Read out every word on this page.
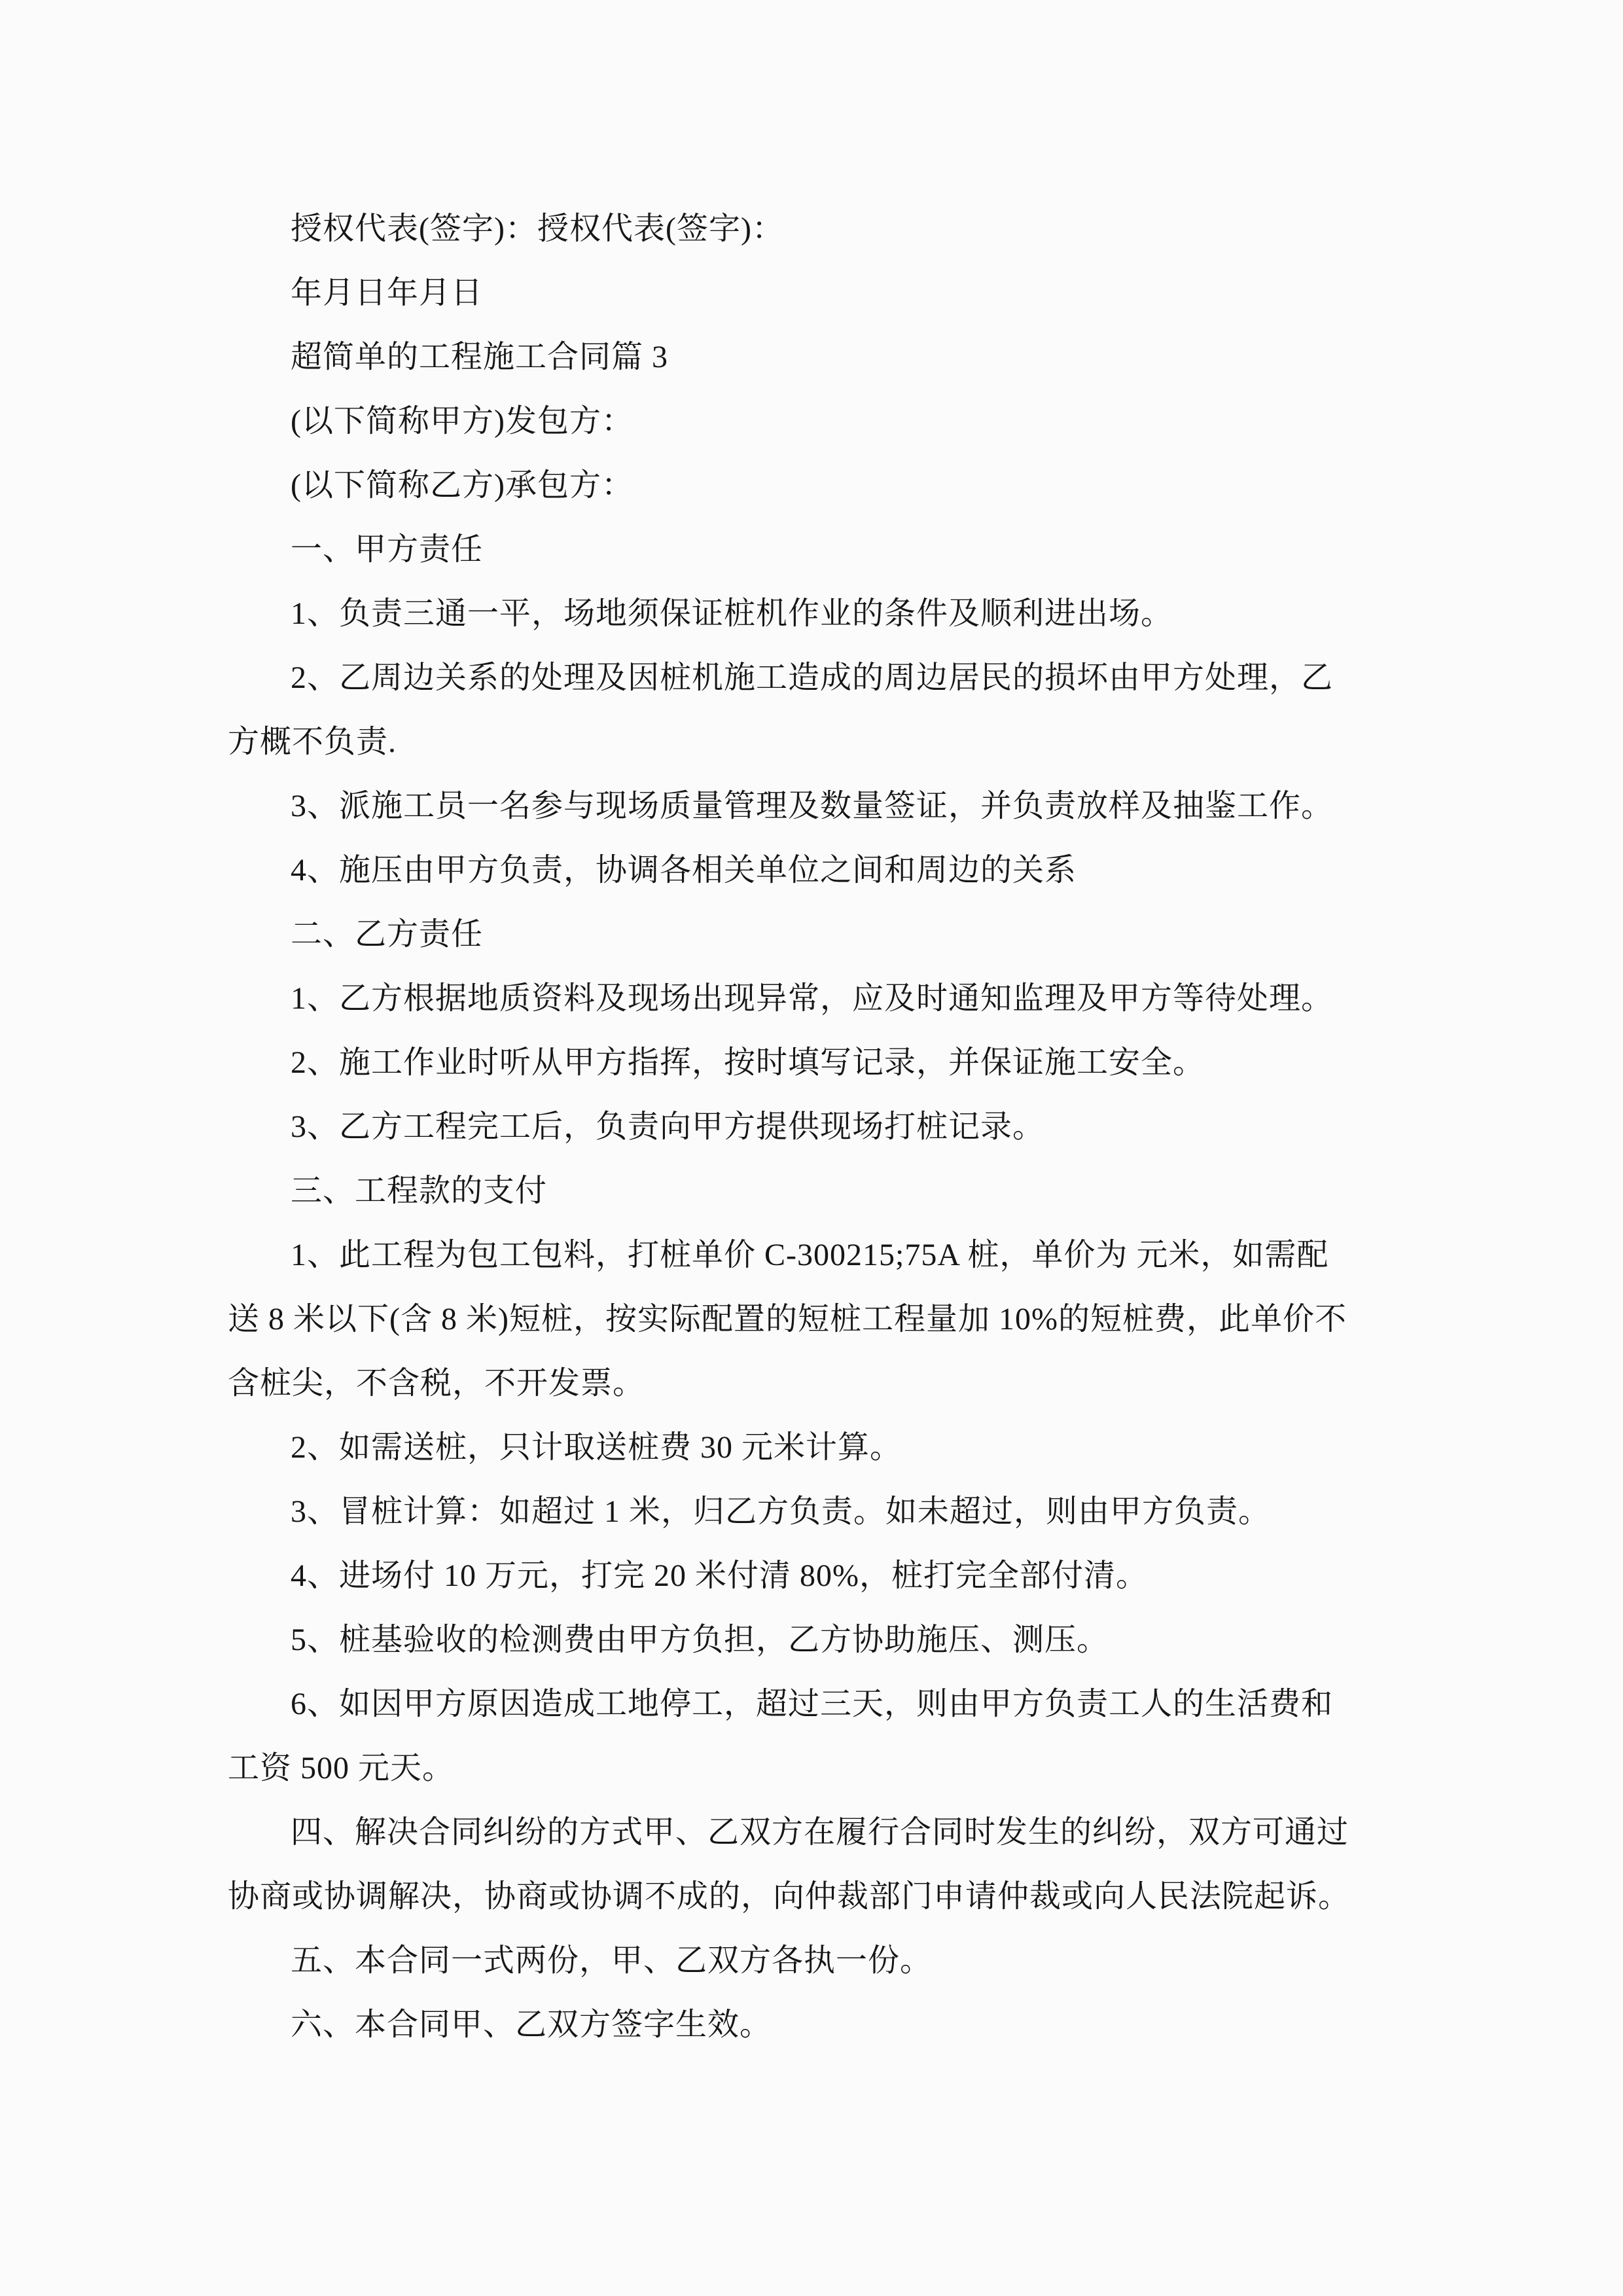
授权代表(签字)：授权代表(签字)：
年月日年月日
超简单的工程施工合同篇 3
(以下简称甲方)发包方：
(以下简称乙方)承包方：
一、甲方责任
1、负责三通一平，场地须保证桩机作业的条件及顺利进出场。
2、乙周边关系的处理及因桩机施工造成的周边居民的损坏由甲方处理，乙
方概不负责.
3、派施工员一名参与现场质量管理及数量签证，并负责放样及抽鉴工作。
4、施压由甲方负责，协调各相关单位之间和周边的关系
二、乙方责任
1、乙方根据地质资料及现场出现异常，应及时通知监理及甲方等待处理。
2、施工作业时听从甲方指挥，按时填写记录，并保证施工安全。
3、乙方工程完工后，负责向甲方提供现场打桩记录。
三、工程款的支付
1、此工程为包工包料，打桩单价 C-300215;75A 桩，单价为 元米，如需配
送 8 米以下(含 8 米)短桩，按实际配置的短桩工程量加 10%的短桩费，此单价不
含桩尖，不含税，不开发票。
2、如需送桩，只计取送桩费 30 元米计算。
3、冒桩计算：如超过 1 米，归乙方负责。如未超过，则由甲方负责。
4、进场付 10 万元，打完 20 米付清 80%，桩打完全部付清。
5、桩基验收的检测费由甲方负担，乙方协助施压、测压。
6、如因甲方原因造成工地停工，超过三天，则由甲方负责工人的生活费和
工资 500 元天。
四、解决合同纠纷的方式甲、乙双方在履行合同时发生的纠纷，双方可通过
协商或协调解决，协商或协调不成的，向仲裁部门申请仲裁或向人民法院起诉。
五、本合同一式两份，甲、乙双方各执一份。
六、本合同甲、乙双方签字生效。
